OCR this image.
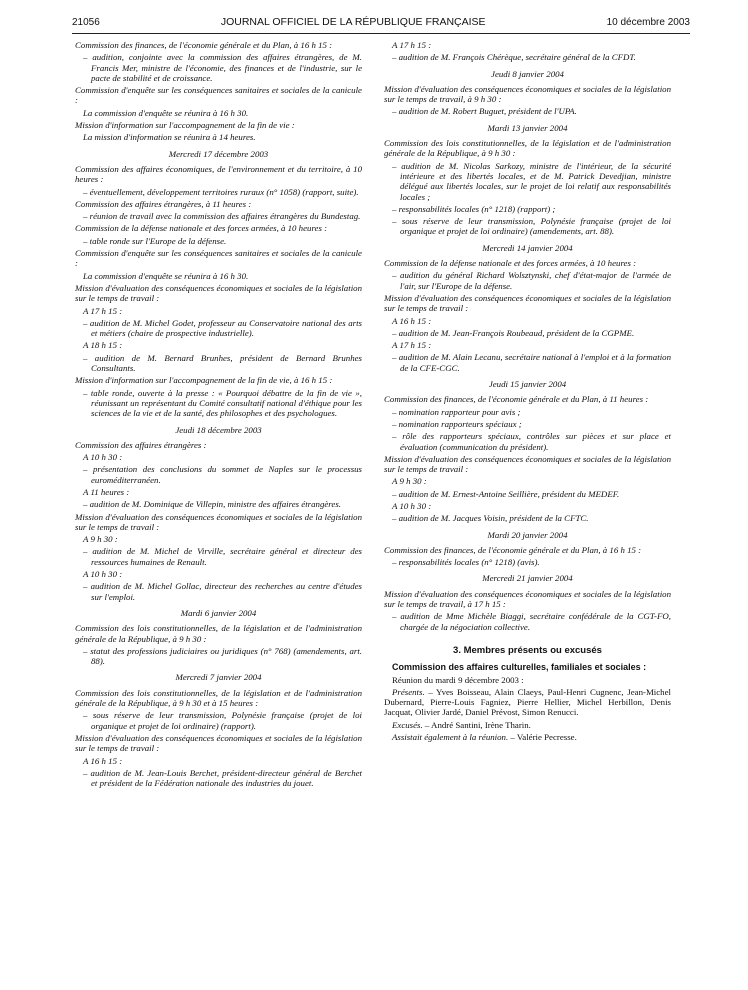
21056	JOURNAL OFFICIEL DE LA RÉPUBLIQUE FRANÇAISE	10 décembre 2003

Commission des finances, de l'économie générale et du Plan, à 16 h 15 :

– audition, conjointe avec la commission des affaires étrangères, de M. Francis Mer, ministre de l'économie, des finances et de l'industrie, sur le pacte de stabilité et de croissance.

Commission d'enquête sur les conséquences sanitaires et sociales de la canicule :

La commission d'enquête se réunira à 16 h 30.

Mission d'information sur l'accompagnement de la fin de vie :

La mission d'information se réunira à 14 heures.

Mercredi 17 décembre 2003

Commission des affaires économiques, de l'environnement et du territoire, à 10 heures :

– éventuellement, développement territoires ruraux (n° 1058) (rapport, suite).

Commission des affaires étrangères, à 11 heures :

– réunion de travail avec la commission des affaires étrangères du Bundestag.

Commission de la défense nationale et des forces armées, à 10 heures :

– table ronde sur l'Europe de la défense.

Commission d'enquête sur les conséquences sanitaires et sociales de la canicule :

La commission d'enquête se réunira à 16 h 30.

Mission d'évaluation des conséquences économiques et sociales de la législation sur le temps de travail :

A 17 h 15 :

– audition de M. Michel Godet, professeur au Conservatoire national des arts et métiers (chaire de prospective industrielle).

A 18 h 15 :

– audition de M. Bernard Brunhes, président de Bernard Brunhes Consultants.

Mission d'information sur l'accompagnement de la fin de vie, à 16 h 15 :

– table ronde, ouverte à la presse : « Pourquoi débattre de la fin de vie », réunissant un représentant du Comité consultatif national d'éthique pour les sciences de la vie et de la santé, des philosophes et des psychologues.

Jeudi 18 décembre 2003

Commission des affaires étrangères :

A 10 h 30 :

– présentation des conclusions du sommet de Naples sur le processus euroméditerranéen.

A 11 heures :

– audition de M. Dominique de Villepin, ministre des affaires étrangères.

Mission d'évaluation des conséquences économiques et sociales de la législation sur le temps de travail :

A 9 h 30 :

– audition de M. Michel de Virville, secrétaire général et directeur des ressources humaines de Renault.

A 10 h 30 :

– audition de M. Michel Gollac, directeur des recherches au centre d'études sur l'emploi.

Mardi 6 janvier 2004

Commission des lois constitutionnelles, de la législation et de l'administration générale de la République, à 9 h 30 :

– statut des professions judiciaires ou juridiques (n° 768) (amendements, art. 88).

Mercredi 7 janvier 2004

Commission des lois constitutionnelles, de la législation et de l'administration générale de la République, à 9 h 30 et à 15 heures :

– sous réserve de leur transmission, Polynésie française (projet de loi organique et projet de loi ordinaire) (rapport).

Mission d'évaluation des conséquences économiques et sociales de la législation sur le temps de travail :

A 16 h 15 :

– audition de M. Jean-Louis Berchet, président-directeur général de Berchet et président de la Fédération nationale des industries du jouet.

A 17 h 15 :

– audition de M. François Chérèque, secrétaire général de la CFDT.

Jeudi 8 janvier 2004

Mission d'évaluation des conséquences économiques et sociales de la législation sur le temps de travail, à 9 h 30 :

– audition de M. Robert Buguet, président de l'UPA.

Mardi 13 janvier 2004

Commission des lois constitutionnelles, de la législation et de l'administration générale de la République, à 9 h 30 :

– audition de M. Nicolas Sarkozy, ministre de l'intérieur, de la sécurité intérieure et des libertés locales, et de M. Patrick Devedjian, ministre délégué aux libertés locales, sur le projet de loi relatif aux responsabilités locales ;

– responsabilités locales (n° 1218) (rapport) ;

– sous réserve de leur transmission, Polynésie française (projet de loi organique et projet de loi ordinaire) (amendements, art. 88).

Mercredi 14 janvier 2004

Commission de la défense nationale et des forces armées, à 10 heures :

– audition du général Richard Wolsztynski, chef d'état-major de l'armée de l'air, sur l'Europe de la défense.

Mission d'évaluation des conséquences économiques et sociales de la législation sur le temps de travail :

A 16 h 15 :

– audition de M. Jean-François Roubeaud, président de la CGPME.

A 17 h 15 :

– audition de M. Alain Lecanu, secrétaire national à l'emploi et à la formation de la CFE-CGC.

Jeudi 15 janvier 2004

Commission des finances, de l'économie générale et du Plan, à 11 heures :

– nomination rapporteur pour avis ;

– nomination rapporteurs spéciaux ;

– rôle des rapporteurs spéciaux, contrôles sur pièces et sur place et évaluation (communication du président).

Mission d'évaluation des conséquences économiques et sociales de la législation sur le temps de travail :

A 9 h 30 :

– audition de M. Ernest-Antoine Seillière, président du MEDEF.

A 10 h 30 :

– audition de M. Jacques Voisin, président de la CFTC.

Mardi 20 janvier 2004

Commission des finances, de l'économie générale et du Plan, à 16 h 15 :

– responsabilités locales (n° 1218) (avis).

Mercredi 21 janvier 2004

Mission d'évaluation des conséquences économiques et sociales de la législation sur le temps de travail, à 17 h 15 :

– audition de Mme Michèle Biaggi, secrétaire confédérale de la CGT-FO, chargée de la négociation collective.

3. Membres présents ou excusés
Commission des affaires culturelles, familiales et sociales :
Réunion du mardi 9 décembre 2003 :

Présents. – Yves Boisseau, Alain Claeys, Paul-Henri Cugnenc, Jean-Michel Dubernard, Pierre-Louis Fagniez, Pierre Hellier, Michel Herbillon, Denis Jacquat, Olivier Jardé, Daniel Prévost, Simon Renucci.

Excusés. – André Santini, Irène Tharin.

Assistait également à la réunion. – Valérie Pecresse.
